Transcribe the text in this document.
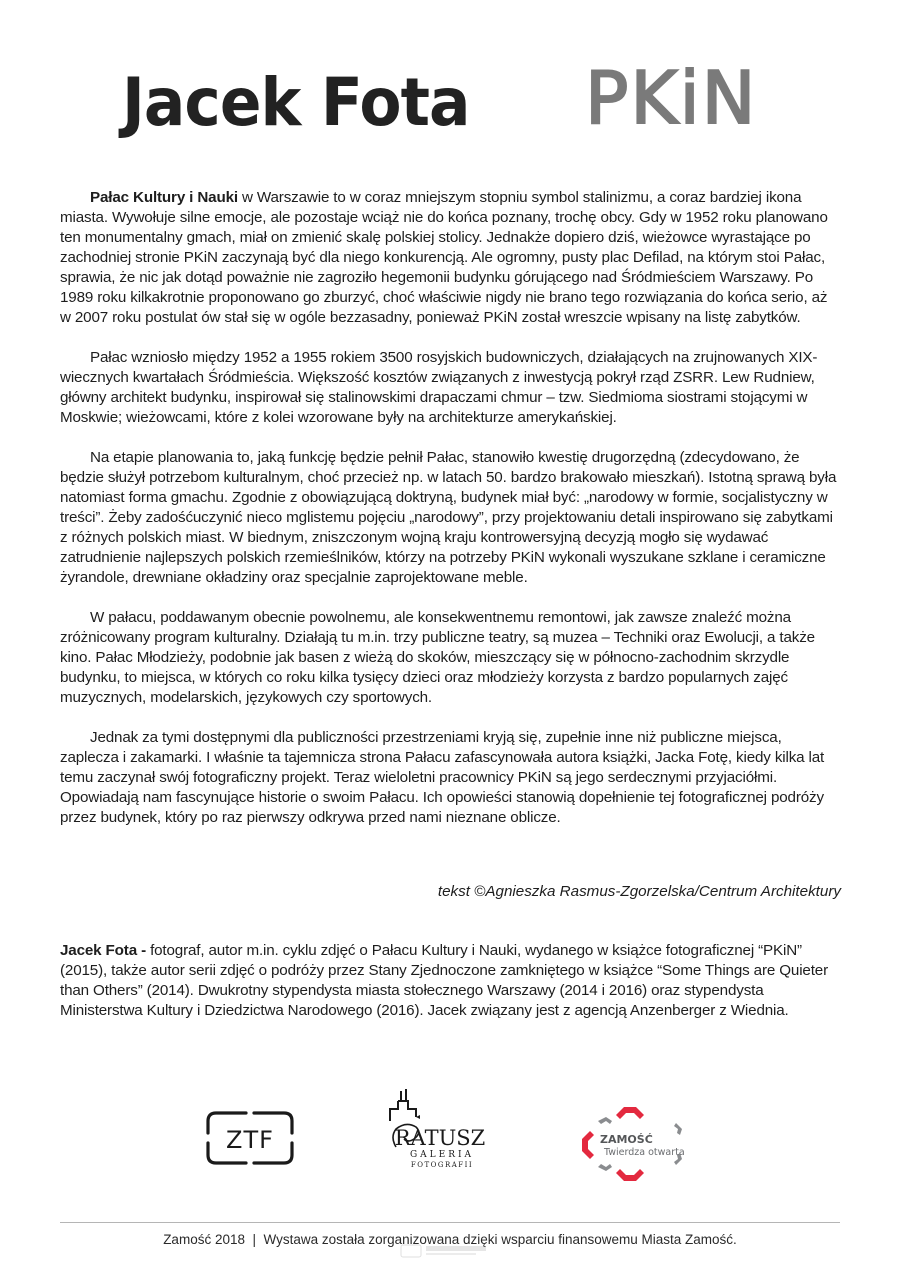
Jacek Fota PKiN

Pałac Kultury i Nauki w Warszawie to w coraz mniejszym stopniu symbol stalinizmu, a coraz bardziej ikona miasta. Wywołuje silne emocje, ale pozostaje wciąż nie do końca poznany, trochę obcy. Gdy w 1952 roku planowano ten monumentalny gmach, miał on zmienić skalę polskiej stolicy. Jednakże dopiero dziś, wieżowce wyrastające po zachodniej stronie PKiN zaczynają być dla niego konkurencją. Ale ogromny, pusty plac Defilad, na którym stoi Pałac, sprawia, że nic jak dotąd poważnie nie zagroziło hegemonii budynku górującego nad Śródmieściem Warszawy. Po 1989 roku kilkakrotnie proponowano go zburzyć, choć właściwie nigdy nie brano tego rozwiązania do końca serio, aż w 2007 roku postulat ów stał się w ogóle bezzasadny, ponieważ PKiN został wreszcie wpisany na listę zabytków.

Pałac wzniosło między 1952 a 1955 rokiem 3500 rosyjskich budowniczych, działających na zrujnowanych XIX-wiecznych kwartałach Śródmieścia. Większość kosztów związanych z inwestycją pokrył rząd ZSRR. Lew Rudniew, główny architekt budynku, inspirował się stalinowskimi drapaczami chmur – tzw. Siedmioma siostrami stojącymi w Moskwie; wieżowcami, które z kolei wzorowane były na architekturze amerykańskiej.

Na etapie planowania to, jaką funkcję będzie pełnił Pałac, stanowiło kwestię drugorzędną (zdecydowano, że będzie służył potrzebom kulturalnym, choć przecież np. w latach 50. bardzo brakowało mieszkań). Istotną sprawą była natomiast forma gmachu. Zgodnie z obowiązującą doktryną, budynek miał być: „narodowy w formie, socjalistyczny w treści”. Żeby zadośćuczynić nieco mglistemu pojęciu „narodowy”, przy projektowaniu detali inspirowano się zabytkami z różnych polskich miast. W biednym, zniszczonym wojną kraju kontrowersyjną decyzją mogło się wydawać zatrudnienie najlepszych polskich rzemieślników, którzy na potrzeby PKiN wykonali wyszukane szklane i ceramiczne żyrandole, drewniane okładziny oraz specjalnie zaprojektowane meble.

W pałacu, poddawanym obecnie powolnemu, ale konsekwentnemu remontowi, jak zawsze znaleźć można zróżnicowany program kulturalny. Działają tu m.in. trzy publiczne teatry, są muzea – Techniki oraz Ewolucji, a także kino. Pałac Młodzieży, podobnie jak basen z wieżą do skoków, mieszczący się w północno-zachodnim skrzydle budynku, to miejsca, w których co roku kilka tysięcy dzieci oraz młodzieży korzysta z bardzo popularnych zajęć muzycznych, modelarskich, językowych czy sportowych.

Jednak za tymi dostępnymi dla publiczności przestrzeniami kryją się, zupełnie inne niż publiczne miejsca, zaplecza i zakamarki. I właśnie ta tajemnicza strona Pałacu zafascynowała autora książki, Jacka Fotę, kiedy kilka lat temu zaczynał swój fotograficzny projekt. Teraz wieloletni pracownicy PKiN są jego serdecznymi przyjaciółmi. Opowiadają nam fascynujące historie o swoim Pałacu. Ich opowieści stanowią dopełnienie tej fotograficznej podróży przez budynek, który po raz pierwszy odkrywa przed nami nieznane oblicze.

tekst ©Agnieszka Rasmus-Zgorzelska/Centrum Architektury

Jacek Fota - fotograf, autor m.in. cyklu zdjęć o Pałacu Kultury i Nauki, wydanego w książce fotograficznej “PKiN” (2015), także autor serii zdjęć o podróży przez Stany Zjednoczone zamkniętego w książce “Some Things are Quieter than Others” (2014). Dwukrotny stypendysta miasta stołecznego Warszawy (2014 i 2016) oraz stypendysta Ministerstwa Kultury i Dziedzictwa Narodowego (2016). Jacek związany jest z agencją Anzenberger z Wiednia.

ZTF	RATUSZ
GALERIA
FOTOGRAFII
ZAMOŚĆ
Twierdza otwarta
Zamość 2018  |  Wystawa została zorganizowana dzięki wsparciu finansowemu Miasta Zamość.
